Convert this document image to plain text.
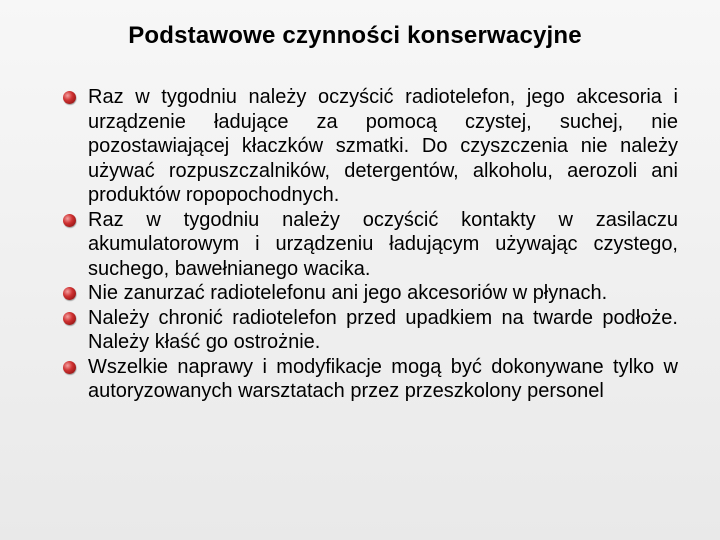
Podstawowe czynności konserwacyjne
Raz w tygodniu należy oczyścić radiotelefon, jego akcesoria i urządzenie ładujące za pomocą czystej, suchej, nie pozostawiającej kłaczków szmatki. Do czyszczenia nie należy używać rozpuszczalników, detergentów, alkoholu, aerozoli ani produktów ropopochodnych.
Raz w tygodniu należy oczyścić kontakty w zasilaczu akumulatorowym i urządzeniu ładującym używając czystego, suchego, bawełnianego wacika.
Nie zanurzać radiotelefonu ani jego akcesoriów w płynach.
Należy chronić radiotelefon przed upadkiem na twarde podłoże. Należy kłaść go ostrożnie.
Wszelkie naprawy i modyfikacje mogą być dokonywane tylko w autoryzowanych warsztatach przez przeszkolony personel
